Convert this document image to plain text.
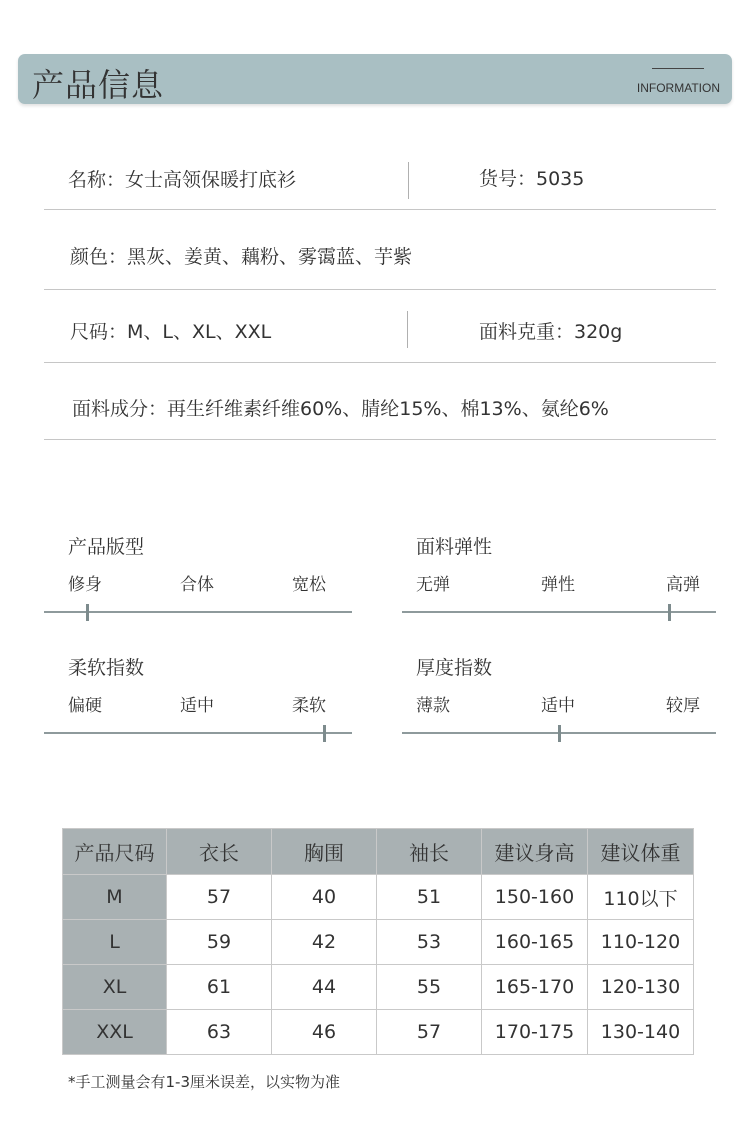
产品信息	INFORMATION
名称：女士高领保暖打底衫	货号：5035
颜色：黑灰、姜黄、藕粉、雾霭蓝、芋紫
尺码：M、L、XL、XXL	面料克重：320g
面料成分：再生纤维素纤维60%、腈纶15%、棉13%、氨纶6%
产品版型
修身	合体	宽松
面料弹性
无弹	弹性	高弹
柔软指数
偏硬	适中	柔软
厚度指数
薄款	适中	较厚
产品尺码	衣长	胸围	袖长	建议身高	建议体重
M	57	40	51	150-160	110以下
L	59	42	53	160-165	110-120
XL	61	44	55	165-170	120-130
XXL	63	46	57	170-175	130-140
*手工测量会有1-3厘米误差，以实物为准
